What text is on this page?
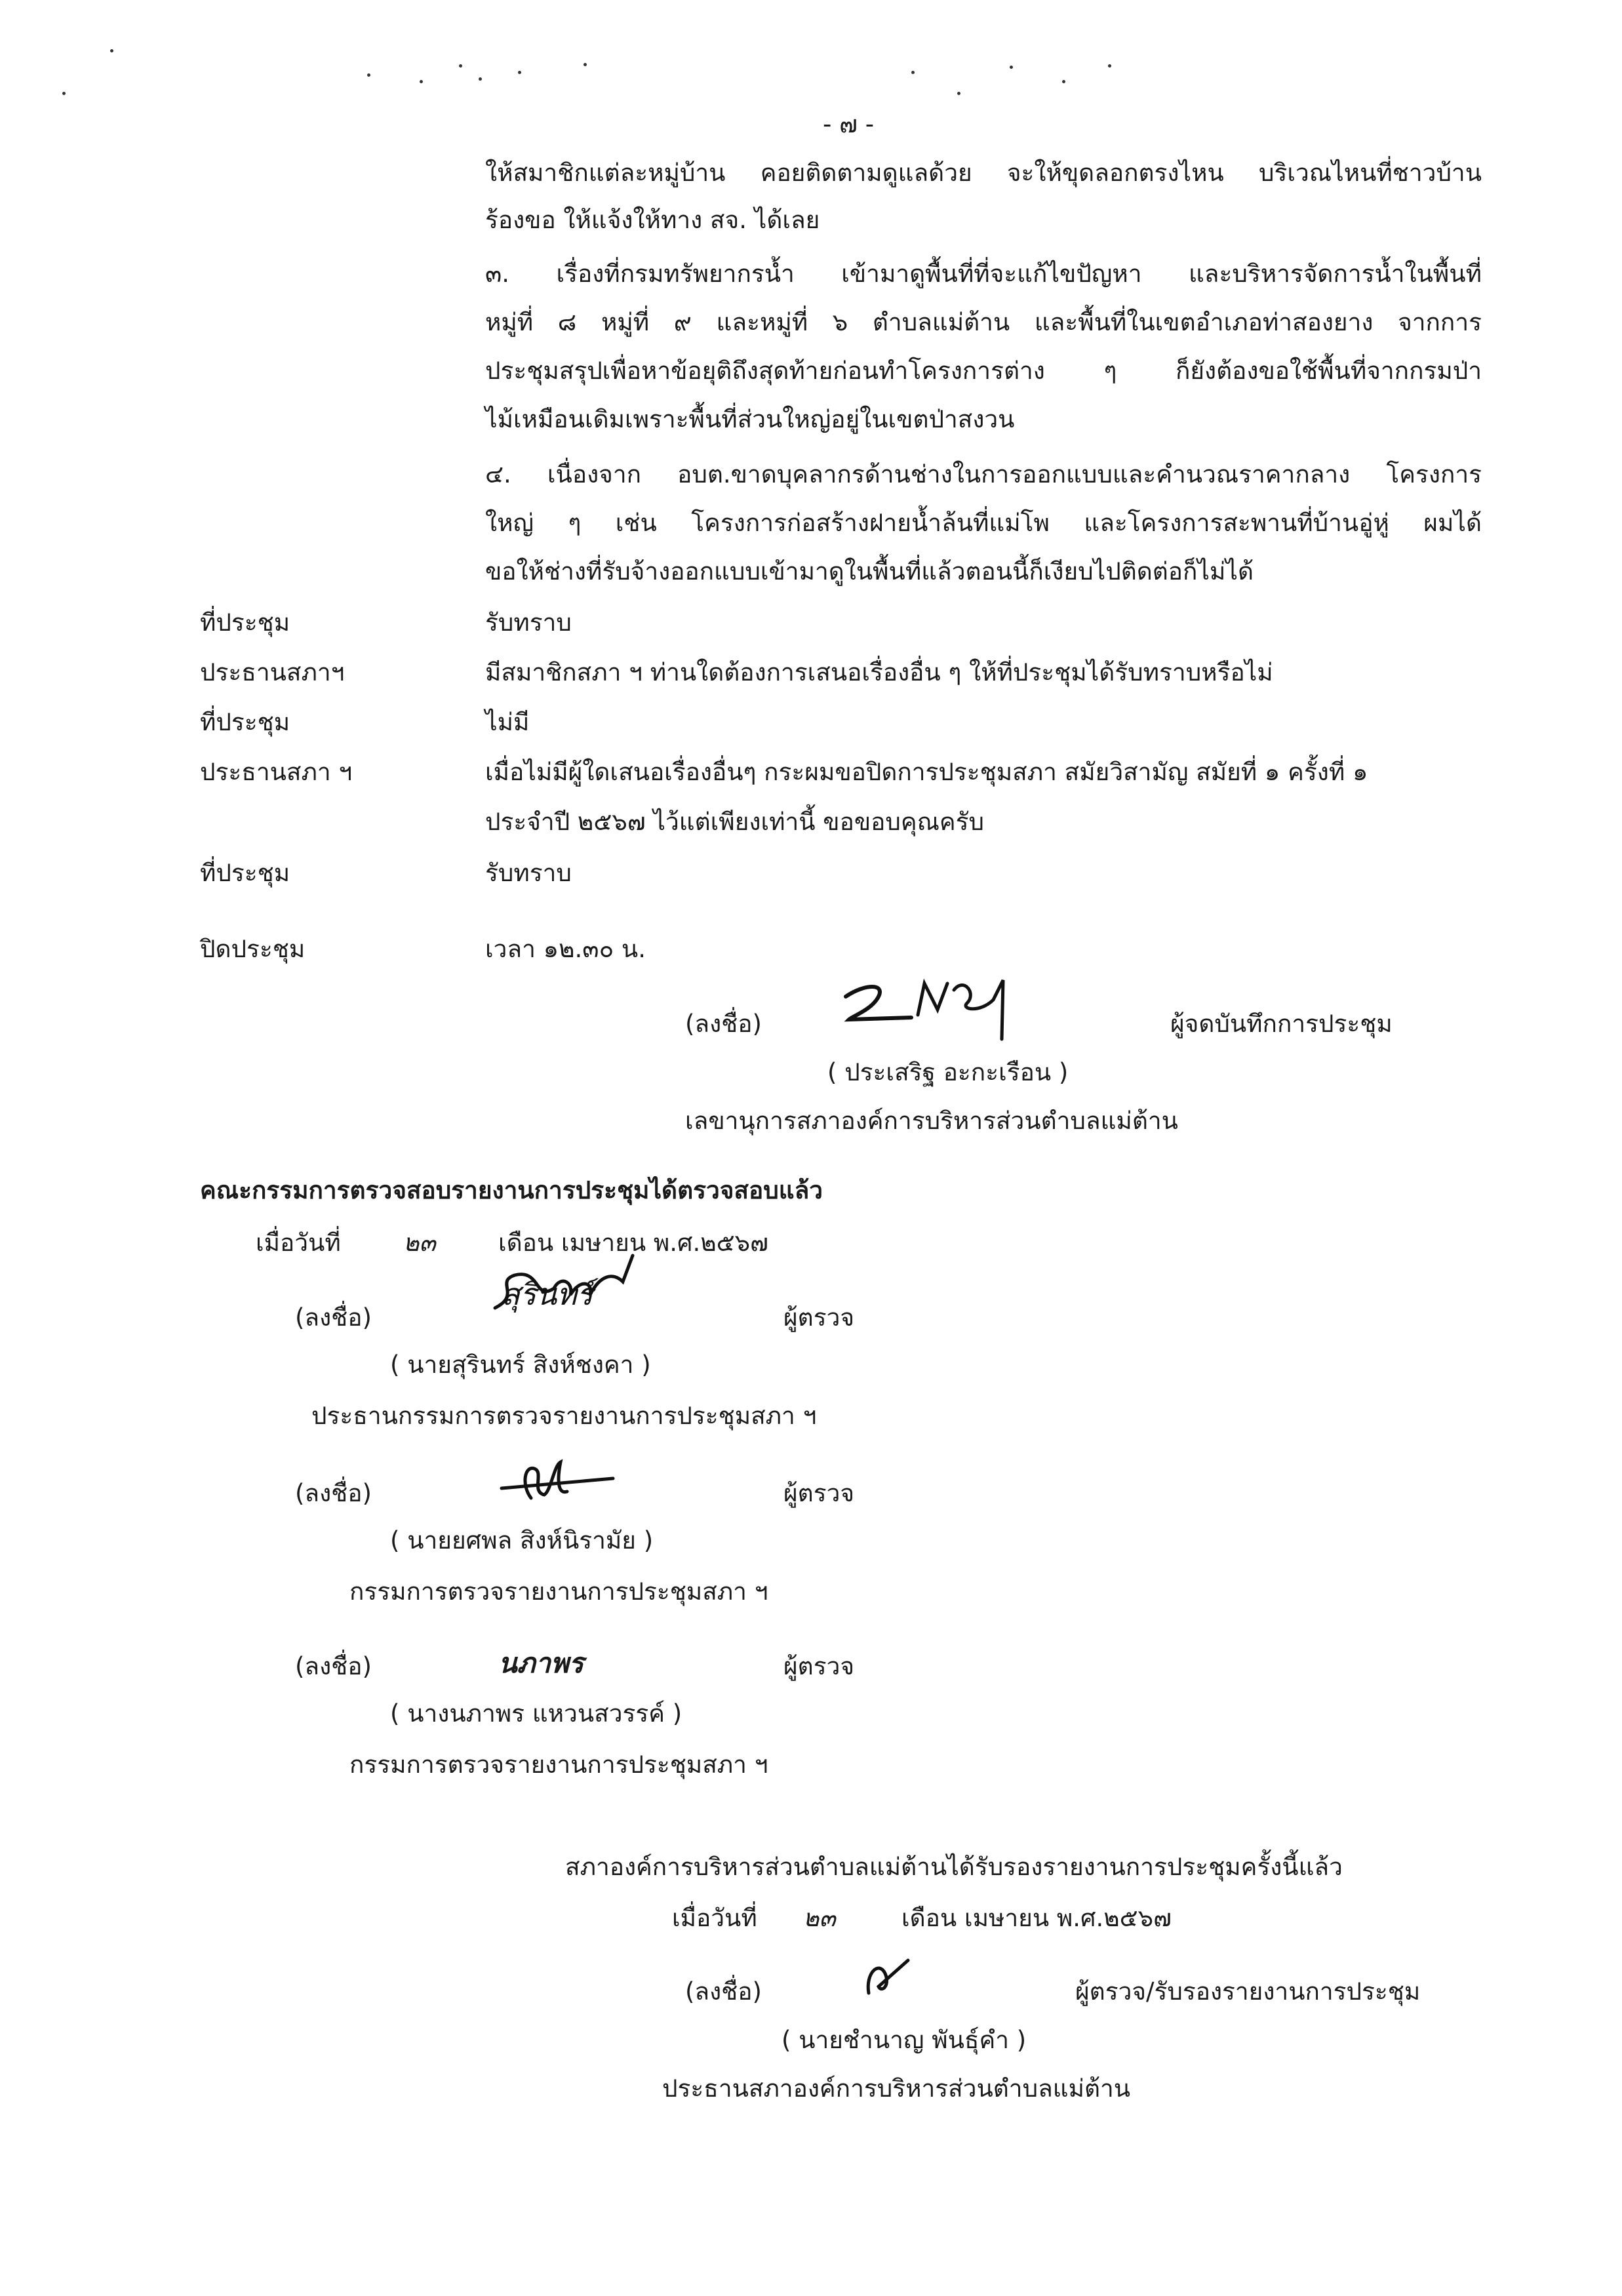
- ๗ -
ให้สมาชิกแต่ละหมู่บ้าน คอยติดตามดูแลด้วย จะให้ขุดลอกตรงไหน บริเวณไหนที่ชาวบ้าน
ร้องขอ ให้แจ้งให้ทาง สจ. ได้เลย
๓. เรื่องที่กรมทรัพยากรน้ำ เข้ามาดูพื้นที่ที่จะแก้ไขปัญหา และบริหารจัดการน้ำในพื้นที่
หมู่ที่ ๘ หมู่ที่ ๙ และหมู่ที่ ๖ ตำบลแม่ต้าน และพื้นที่ในเขตอำเภอท่าสองยาง จากการ
ประชุมสรุปเพื่อหาข้อยุติถึงสุดท้ายก่อนทำโครงการต่าง ๆ ก็ยังต้องขอใช้พื้นที่จากกรมป่า
ไม้เหมือนเดิมเพราะพื้นที่ส่วนใหญ่อยู่ในเขตป่าสงวน
๔. เนื่องจาก อบต.ขาดบุคลากรด้านช่างในการออกแบบและคำนวณราคากลาง โครงการ
ใหญ่ ๆ เช่น โครงการก่อสร้างฝายน้ำล้นที่แม่โพ และโครงการสะพานที่บ้านอู่หู่ ผมได้
ขอให้ช่างที่รับจ้างออกแบบเข้ามาดูในพื้นที่แล้วตอนนี้ก็เงียบไปติดต่อก็ไม่ได้
ที่ประชุม	รับทราบ
ประธานสภาฯ	มีสมาชิกสภา ฯ ท่านใดต้องการเสนอเรื่องอื่น ๆ ให้ที่ประชุมได้รับทราบหรือไม่
ที่ประชุม	ไม่มี
ประธานสภา ฯ	เมื่อไม่มีผู้ใดเสนอเรื่องอื่นๆ กระผมขอปิดการประชุมสภา สมัยวิสามัญ สมัยที่ ๑ ครั้งที่ ๑
ประจำปี ๒๕๖๗ ไว้แต่เพียงเท่านี้ ขอขอบคุณครับ
ที่ประชุม	รับทราบ
ปิดประชุม	เวลา ๑๒.๓๐ น.
(ลงชื่อ)	ผู้จดบันทึกการประชุม
( ประเสริฐ อะกะเรือน )
เลขานุการสภาองค์การบริหารส่วนตำบลแม่ต้าน
คณะกรรมการตรวจสอบรายงานการประชุมได้ตรวจสอบแล้ว
เมื่อวันที่	๒๓	เดือน เมษายน พ.ศ.๒๕๖๗
(ลงชื่อ)
สุรินทร์
ผู้ตรวจ
( นายสุรินทร์ สิงห์ชงคา )
ประธานกรรมการตรวจรายงานการประชุมสภา ฯ
(ลงชื่อ)	ผู้ตรวจ
( นายยศพล สิงห์นิรามัย )
กรรมการตรวจรายงานการประชุมสภา ฯ
(ลงชื่อ)	นภาพร	ผู้ตรวจ
( นางนภาพร แหวนสวรรค์ )
กรรมการตรวจรายงานการประชุมสภา ฯ
สภาองค์การบริหารส่วนตำบลแม่ต้านได้รับรองรายงานการประชุมครั้งนี้แล้ว
เมื่อวันที่ ๒๓	เดือน เมษายน พ.ศ.๒๕๖๗
(ลงชื่อ)	ผู้ตรวจ/รับรองรายงานการประชุม
( นายชำนาญ พันธุ์คำ )
ประธานสภาองค์การบริหารส่วนตำบลแม่ต้าน
